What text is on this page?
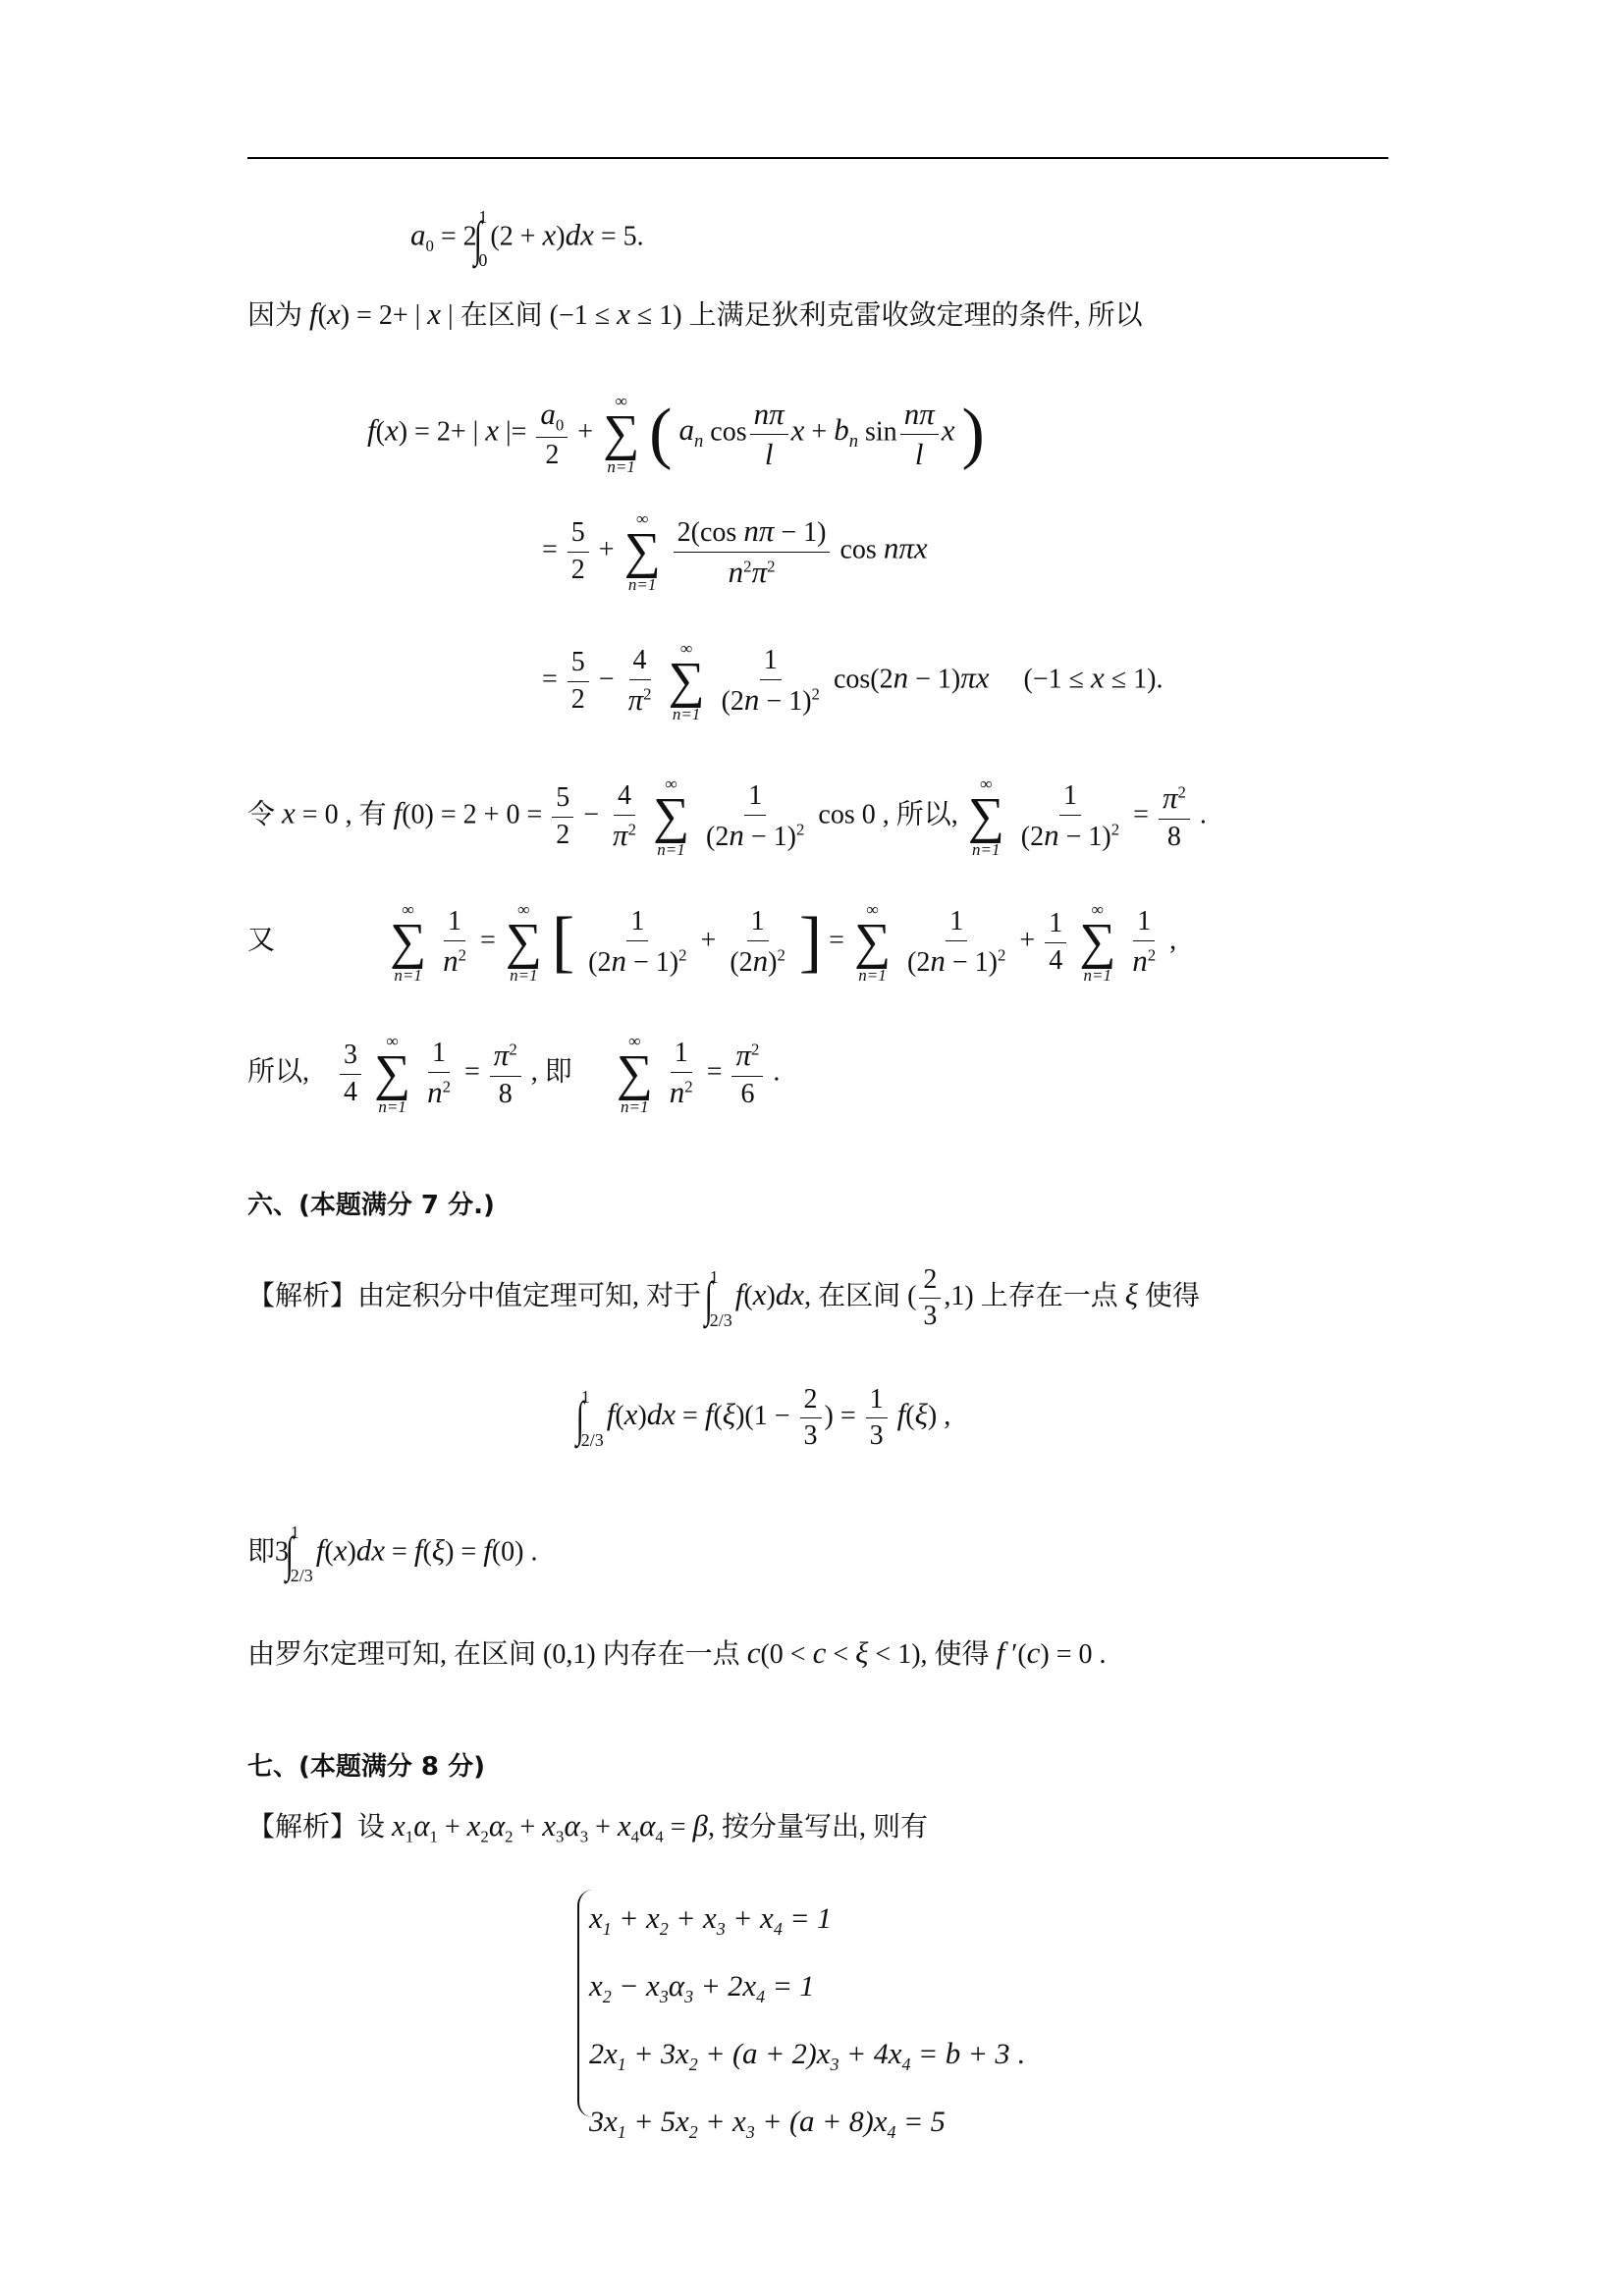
$a_0 = 2\int$
1
0
(2 + x)dx = 5.
因为 f(x) = 2+ | x | 在区间 (−1 ≤ x ≤ 1) 上满足狄利克雷收敛定理的条件, 所以
f(x) = 2+ | x |= $\frac{a_0}{2}$ +
∞
∑
n=1 ( $a_n$ $\cos \frac{n\pi}{l}$ $x + b_n$ $\sin \frac{n\pi}{l}$ x )
= $\frac{5}{2}$ +
∞
∑
n=1
$\frac{\text{2(cos nπ − 1)}}{n^2\pi^2}$ cos nπx
= $\frac{5}{2} - \frac{4}{\pi^2}$
∞
∑
n=1
$\frac{1}{(2n - 1)^2} \cos(2n - 1)\pi x$     (−1 ≤ x ≤ 1).
令 x = 0 , 有 $f(0) = 2 + 0 = \frac{5}{2} - \frac{4}{\pi^2}$
∞
∑
n=1
$\frac{1}{(2n - 1)^2}$ cos 0 , 所以,
∞
∑
n=1
$\frac{1}{(2n - 1)^2} = \frac{\pi^2}{8}$ .
又
∞
∑
n=1
$\frac{1}{n^2}$ =
∞
∑
n=1 [ $\frac{1}{(2n - 1)^2} + \frac{1}{(2n)^2}$ ] =
∞
∑
n=1
$\frac{1}{(2n - 1)^2} + \frac{1}{4}$
∞
∑
n=1
$\frac{1}{n^2}$ ,
所以, $\frac{3}{4}$
∞
∑
n=1
$\frac{1}{n^2} = \frac{\pi^2}{8}$ , 即
∞
∑
n=1
$\frac{1}{n^2} = \frac{\pi^2}{6}$ .
六、(本题满分 7 分.)
【解析】由定积分中值定理可知, 对于 ∫
1
2/3
f(x)dx, 在区间 ( $\frac{2}{3} ,1$) 上存在一点 ξ 使得
∫
1
2/3
$f(x)dx = f(\xi)(1 - \frac{2}{3}$ ) = $\frac{1}{3} f(\xi)$ ,
即3∫
1
2/3
f(x)dx = f(ξ) = f(0) .
由罗尔定理可知, 在区间 (0,1) 内存在一点 c(0 < c < ξ < 1), 使得 f ′(c) = 0 .
七、(本题满分 8 分)
【解析】设 $x_1\alpha_1 + x_2\alpha_2 + x_3\alpha_3 + x_4\alpha_4 = \beta$, 按分量写出, 则有
$x_1 + x_2 + x_3 + x_4 = 1$
$x_2 - x_3\alpha_3 + 2x_4 = 1$
$2x_1 + 3x_2 + (a + 2)x_3 + 4x_4 = b + 3$ .
$3x_1 + 5x_2 + x_3 + (a + 8)x_4 = 5$
